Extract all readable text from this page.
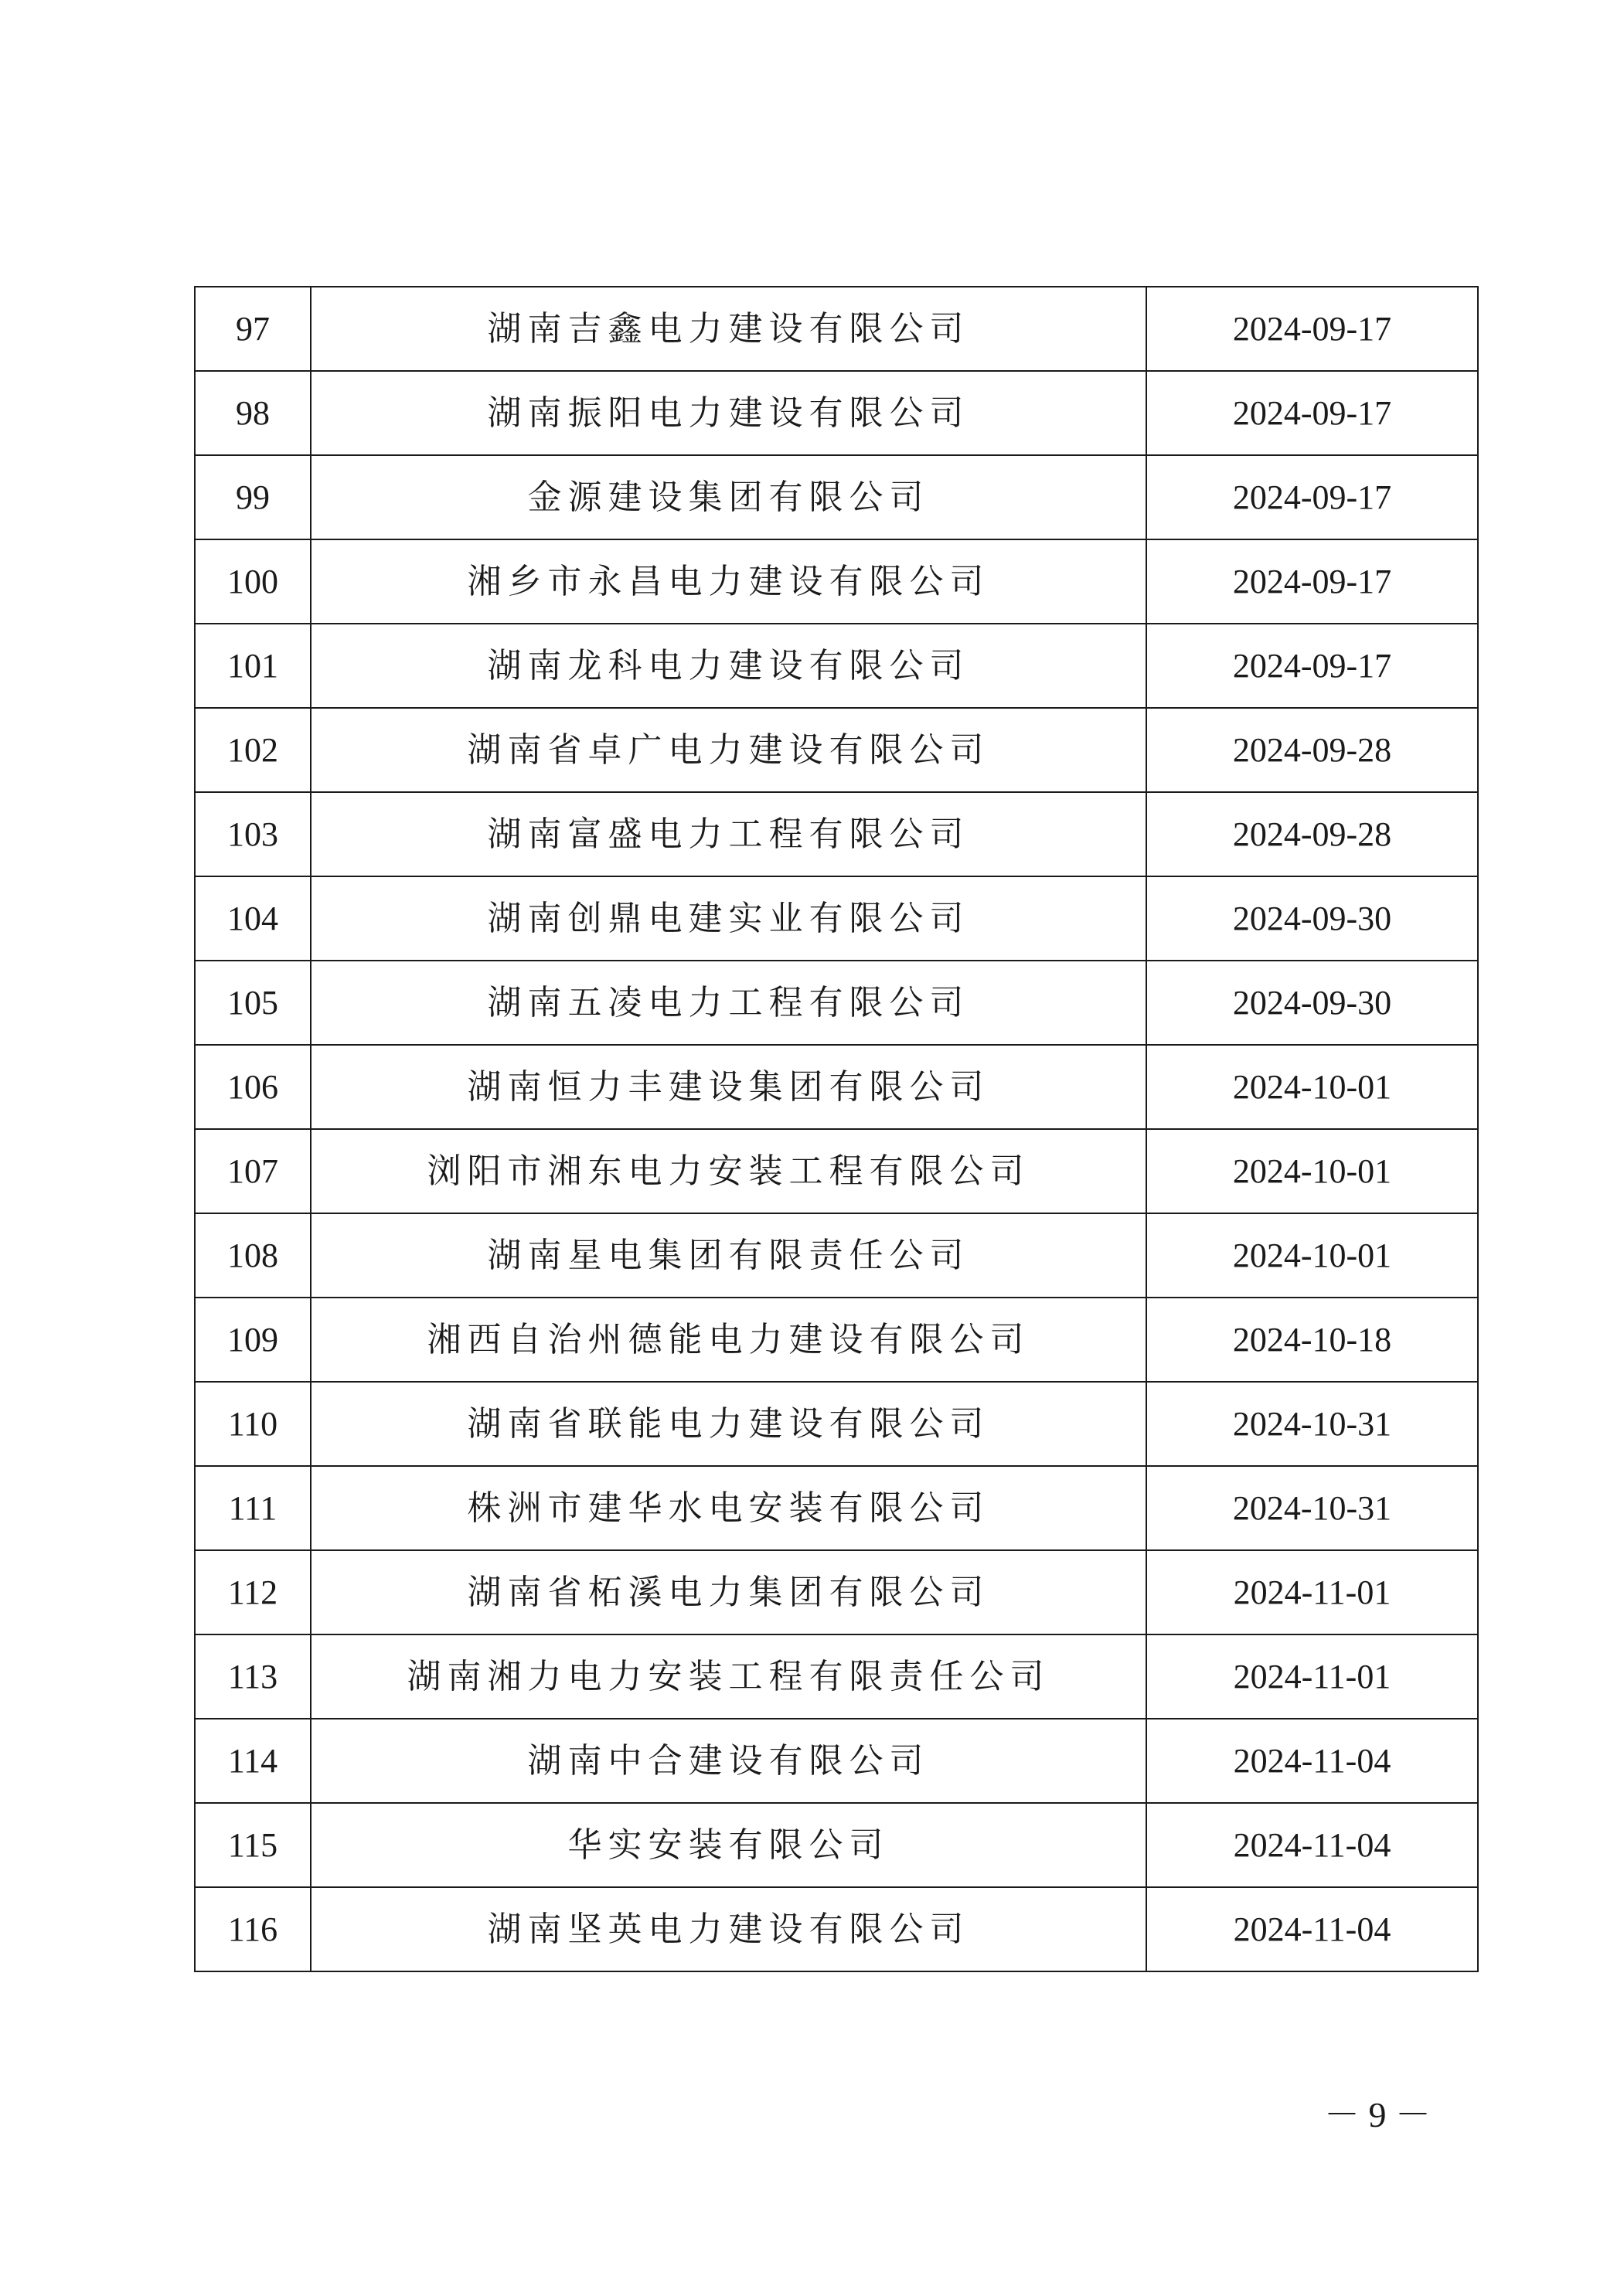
97	湖南吉鑫电力建设有限公司	2024-09-17
98	湖南振阳电力建设有限公司	2024-09-17
99	金源建设集团有限公司	2024-09-17
100	湘乡市永昌电力建设有限公司	2024-09-17
101	湖南龙科电力建设有限公司	2024-09-17
102	湖南省卓广电力建设有限公司	2024-09-28
103	湖南富盛电力工程有限公司	2024-09-28
104	湖南创鼎电建实业有限公司	2024-09-30
105	湖南五凌电力工程有限公司	2024-09-30
106	湖南恒力丰建设集团有限公司	2024-10-01
107	浏阳市湘东电力安装工程有限公司	2024-10-01
108	湖南星电集团有限责任公司	2024-10-01
109	湘西自治州德能电力建设有限公司	2024-10-18
110	湖南省联能电力建设有限公司	2024-10-31
111	株洲市建华水电安装有限公司	2024-10-31
112	湖南省柘溪电力集团有限公司	2024-11-01
113	湖南湘力电力安装工程有限责任公司	2024-11-01
114	湖南中合建设有限公司	2024-11-04
115	华实安装有限公司	2024-11-04
116	湖南坚英电力建设有限公司	2024-11-04
－ 9 －
